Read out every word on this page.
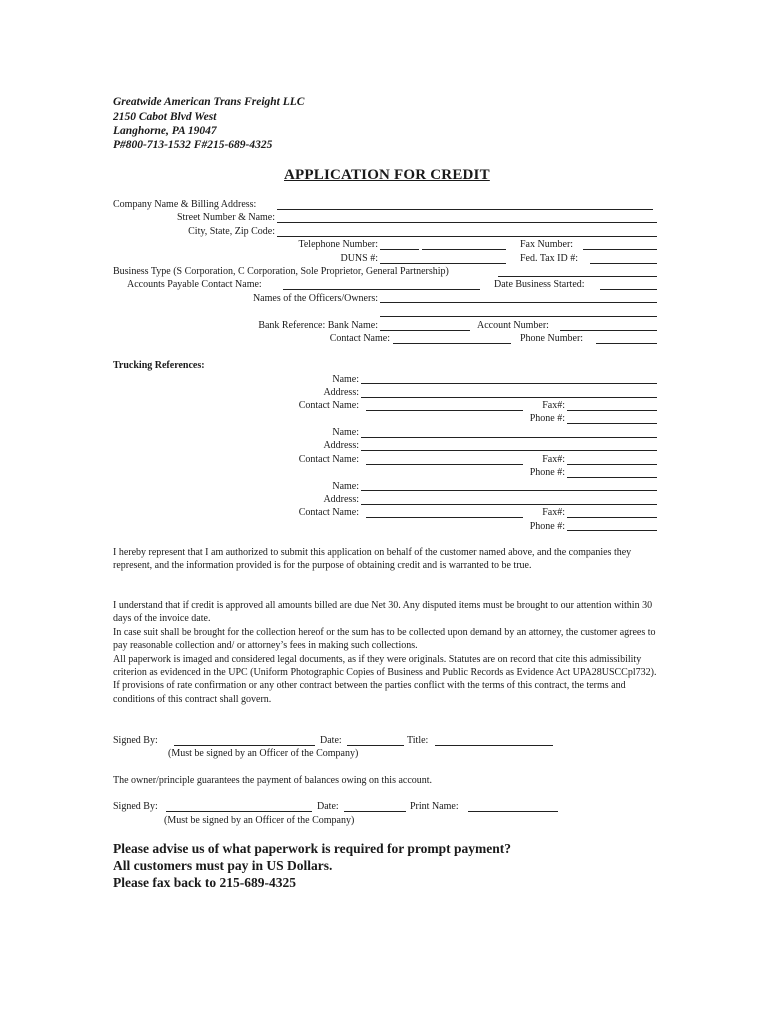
Greatwide American Trans Freight LLC
2150 Cabot Blvd West
Langhorne, PA 19047
P#800-713-1532 F#215-689-4325
APPLICATION FOR CREDIT
Company Name & Billing Address:
Street Number & Name:
City, State, Zip Code:
Telephone Number:	Fax Number:
DUNS #:	Fed. Tax ID #:
Business Type (S Corporation, C Corporation, Sole Proprietor, General Partnership)
Accounts Payable Contact Name:	Date Business Started:
Names of the Officers/Owners:
Bank Reference: Bank Name:	Account Number:
Contact Name:	Phone Number:
Trucking References:
Name:
Address:
Contact Name:	Fax#:
Phone #:
Name:
Address:
Contact Name:	Fax#:
Phone #:
Name:
Address:
Contact Name:	Fax#:
Phone #:

I hereby represent that I am authorized to submit this application on behalf of the customer named above, and the companies they represent, and the information provided is for the purpose of obtaining credit and is warranted to be true.

I understand that if credit is approved all amounts billed are due Net 30. Any disputed items must be brought to our attention within 30 days of the invoice date.

In case suit shall be brought for the collection hereof or the sum has to be collected upon demand by an attorney, the customer agrees to pay reasonable collection and/ or attorney’s fees in making such collections.

All paperwork is imaged and considered legal documents, as if they were originals. Statutes are on record that cite this admissibility criterion as evidenced in the UPC (Uniform Photographic Copies of Business and Public Records as Evidence Act UPA28USCCpl732).

If provisions of rate confirmation or any other contract between the parties conflict with the terms of this contract, the terms and conditions of this contract shall govern.

Signed By:	Date:	Title:
(Must be signed by an Officer of the Company)
The owner/principle guarantees the payment of balances owing on this account.
Signed By:	Date:	Print Name:
(Must be signed by an Officer of the Company)
Please advise us of what paperwork is required for prompt payment?
All customers must pay in US Dollars.
Please fax back to 215-689-4325
